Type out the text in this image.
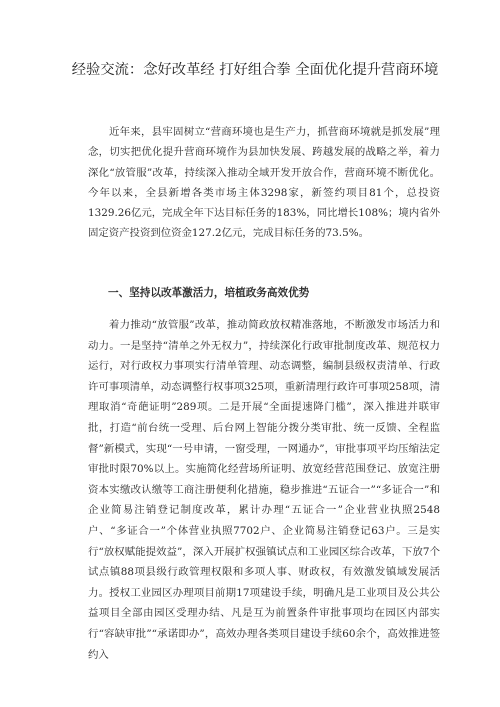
经验交流：念好改革经 打好组合拳 全面优化提升营商环境

近年来，县牢固树立“营商环境也是生产力，抓营商环境就是抓发展”理念，切实把优化提升营商环境作为县加快发展、跨越发展的战略之举，着力深化“放管服”改革，持续深入推动全域开发开放合作，营商环境不断优化。今年以来，全县新增各类市场主体3298家，新签约项目81个，总投资1329.26亿元，完成全年下达目标任务的183%，同比增长108%；境内省外固定资产投资到位资金127.2亿元，完成目标任务的73.5%。

一、坚持以改革激活力，培植政务高效优势

着力推动“放管服”改革，推动简政放权精准落地，不断激发市场活力和动力。一是坚持“清单之外无权力”，持续深化行政审批制度改革、规范权力运行，对行政权力事项实行清单管理、动态调整，编制县级权责清单、行政许可事项清单，动态调整行权事项325项，重新清理行政许可事项258项，清理取消“奇葩证明”289项。二是开展“全面提速降门槛”，深入推进并联审批，打造“前台统一受理、后台网上智能分拨分类审批、统一反馈、全程监督”新模式，实现“一号申请，一窗受理，一网通办”，审批事项平均压缩法定审批时限70%以上。实施简化经营场所证明、放宽经营范围登记、放宽注册资本实缴改认缴等工商注册便利化措施，稳步推进“五证合一”“多证合一”和企业简易注销登记制度改革，累计办理“五证合一”企业营业执照2548户、“多证合一”个体营业执照7702户、企业简易注销登记63户。三是实行“放权赋能提效益”，深入开展扩权强镇试点和工业园区综合改革，下放7个试点镇88项县级行政管理权限和多项人事、财政权，有效激发镇域发展活力。授权工业园区办理项目前期17项建设手续，明确凡是工业项目及公共公益项目全部由园区受理办结、凡是互为前置条件审批事项均在园区内部实行“容缺审批”“承诺即办”，高效办理各类项目建设手续60余个，高效推进签约入
